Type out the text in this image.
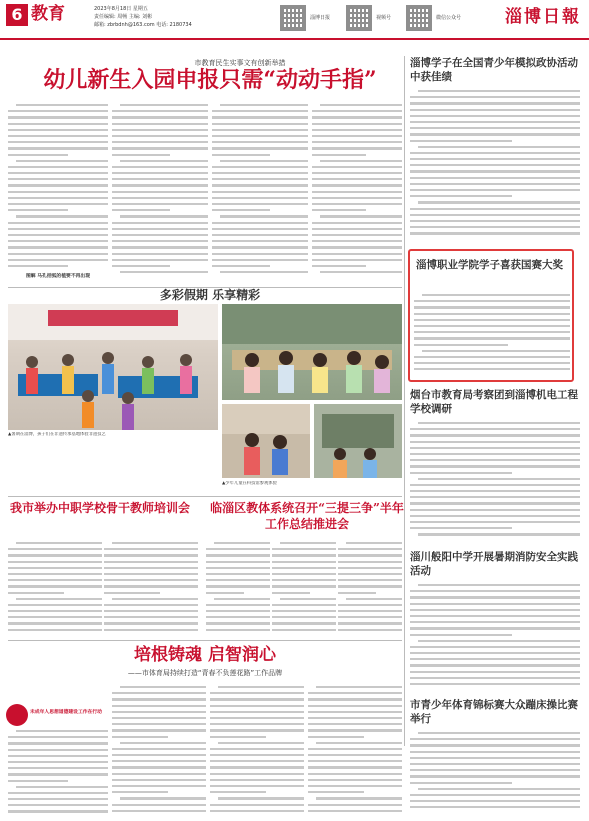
6 教育	2023年8月18日 星期五
责任编辑: 周畅 主编: 刘彬
邮箱: zbrbdnh@163.com 电话: 2180734
淄博日报	视频号	微信公众号	淄博日報
市教育民生实事文有创新举措
幼儿新生入园申报只需“动动手指”
图解 马孔括弧的植要不再出现
多彩假期 乐享精彩
▲暑期在淄博，孩子们在非遗传承基地体验非遗技艺
▲少年儿童在科技馆参观体验
我市举办中职学校骨干教师培训会 临淄区教体系统召开“三提三争”半年工作总结推进会
培根铸魂 启智润心
——市体育局持续打造“青春不负莲花路”工作品牌
未成年人思想道德建设工作在行动
淄博学子在全国青少年模拟政协活动中获佳绩
淄博职业学院学子喜获国赛大奖
烟台市教育局考察团到淄博机电工程学校调研
淄川般阳中学开展暑期消防安全实践活动
市青少年体育锦标赛大众蹦床操比赛举行
